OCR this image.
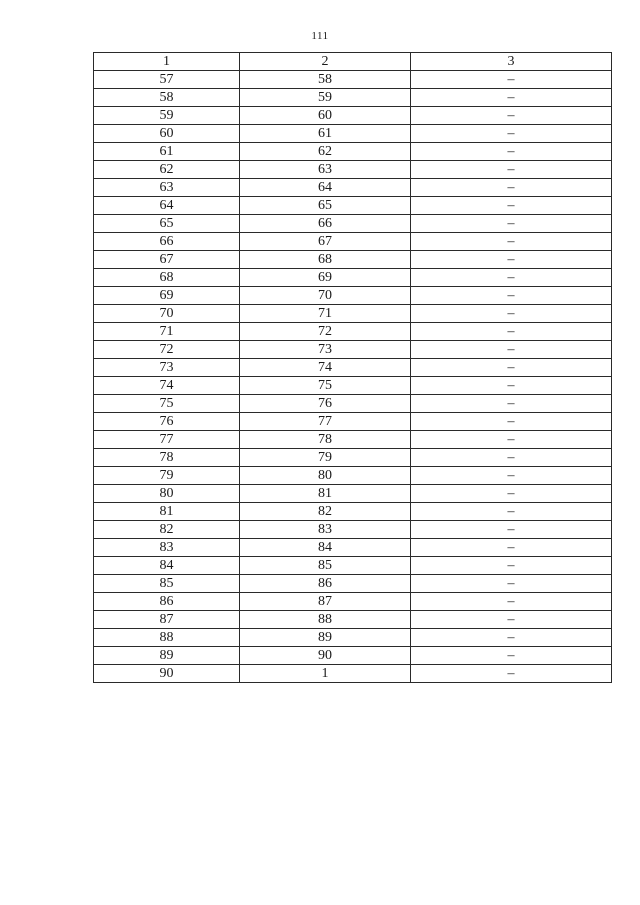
111
1	2	3
57	58	–
58	59	–
59	60	–
60	61	–
61	62	–
62	63	–
63	64	–
64	65	–
65	66	–
66	67	–
67	68	–
68	69	–
69	70	–
70	71	–
71	72	–
72	73	–
73	74	–
74	75	–
75	76	–
76	77	–
77	78	–
78	79	–
79	80	–
80	81	–
81	82	–
82	83	–
83	84	–
84	85	–
85	86	–
86	87	–
87	88	–
88	89	–
89	90	–
90	1	–
